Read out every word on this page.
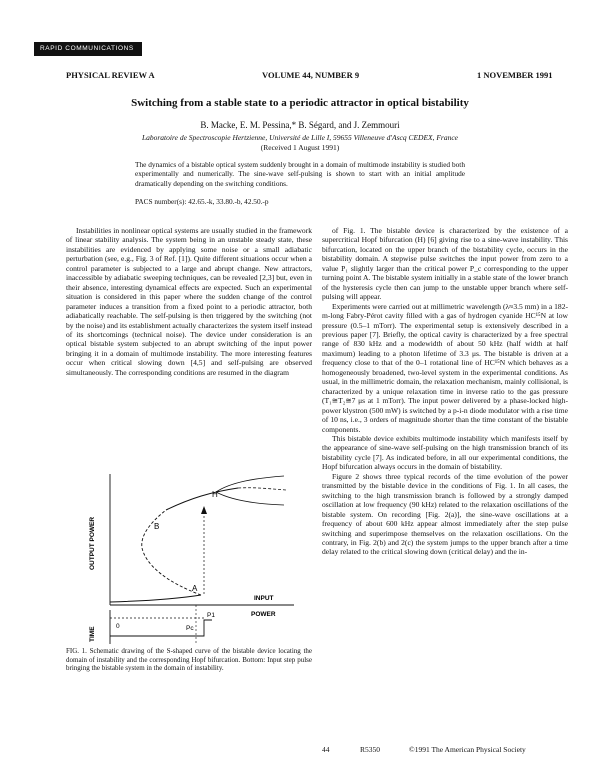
RAPID COMMUNICATIONS
PHYSICAL REVIEW A	VOLUME 44, NUMBER 9	1 NOVEMBER 1991
Switching from a stable state to a periodic attractor in optical bistability
B. Macke, E. M. Pessina,* B. Ségard, and J. Zemmouri
Laboratoire de Spectroscopie Hertzienne, Université de Lille I, 59655 Villeneuve d'Ascq CEDEX, France
(Received 1 August 1991)
The dynamics of a bistable optical system suddenly brought in a domain of multimode instability is studied both experimentally and numerically. The sine-wave self-pulsing is shown to start with an initial amplitude dramatically depending on the switching conditions.
PACS number(s): 42.65.-k, 33.80.-b, 42.50.-p

Instabilities in nonlinear optical systems are usually studied in the framework of linear stability analysis. The system being in an unstable steady state, these instabilities are evidenced by applying some noise or a small adiabatic perturbation (see, e.g., Fig. 3 of Ref. [1]). Quite different situations occur when a control parameter is subjected to a large and abrupt change. New attractors, inaccessible by adiabatic sweeping techniques, can be revealed [2,3] but, even in their absence, interesting dynamical effects are expected. Such an experimental situation is considered in this paper where the sudden change of the control parameter induces a transition from a fixed point to a periodic attractor, both adiabatically reachable. The self-pulsing is then triggered by the switching (not by the noise) and its establishment actually characterizes the system itself instead of its shortcomings (technical noise). The device under consideration is an optical bistable system subjected to an abrupt switching of the input power bringing it in a domain of multimode instability. The more interesting features occur when critical slowing down [4,5] and self-pulsing are observed simultaneously. The corresponding conditions are resumed in the diagram

of Fig. 1. The bistable device is characterized by the existence of a supercritical Hopf bifurcation (H) [6] giving rise to a sine-wave instability. This bifurcation, located on the upper branch of the bistability cycle, occurs in the bistability domain. A stepwise pulse switches the input power from zero to a value P₁ slightly larger than the critical power P_c corresponding to the upper turning point A. The bistable system initially in a stable state of the lower branch of the hysteresis cycle then can jump to the unstable upper branch where self-pulsing will appear.

Experiments were carried out at millimetric wavelength (λ≈3.5 mm) in a 182-m-long Fabry-Pérot cavity filled with a gas of hydrogen cyanide HC¹⁵N at low pressure (0.5–1 mTorr). The experimental setup is extensively described in a previous paper [7]. Briefly, the optical cavity is characterized by a free spectral range of 830 kHz and a modewidth of about 50 kHz (half width at half maximum) leading to a photon lifetime of 3.3 μs. The bistable is driven at a frequency close to that of the 0–1 rotational line of HC¹⁵N which behaves as a homogeneously broadened, two-level system in the experimental conditions. As usual, in the millimetric domain, the relaxation mechanism, mainly collisional, is characterized by a unique relaxation time in inverse ratio to the gas pressure (T₁≅T₂≅7 μs at 1 mTorr). The input power delivered by a phase-locked high-power klystron (500 mW) is switched by a p-i-n diode modulator with a rise time of 10 ns, i.e., 3 orders of magnitude shorter than the time constant of the bistable components.

This bistable device exhibits multimode instability which manifests itself by the appearance of sine-wave self-pulsing on the high transmission branch of its bistability cycle [7]. As indicated before, in all our experimental conditions, the Hopf bifurcation always occurs in the domain of bistability.

Figure 2 shows three typical records of the time evolution of the power transmitted by the bistable device in the conditions of Fig. 1. In all cases, the switching to the high transmission branch is followed by a strongly damped oscillation at low frequency (90 kHz) related to the relaxation oscillations of the bistable system. On recording [Fig. 2(a)], the sine-wave oscillations at a frequency of about 600 kHz appear almost immediately after the step pulse switching and superimpose themselves on the relaxation oscillations. On the contrary, in Fig. 2(b) and 2(c) the system jumps to the upper branch after a time delay related to the critical slowing down (critical delay) and the in-

H
B
A
INPUT
POWER
OUTPUT POWER
0	Pc
P1
TIME
FIG. 1. Schematic drawing of the S-shaped curve of the bistable device locating the domain of instability and the corresponding Hopf bifurcation. Bottom: Input step pulse bringing the bistable system in the domain of instability.
44	R5350	©1991 The American Physical Society
